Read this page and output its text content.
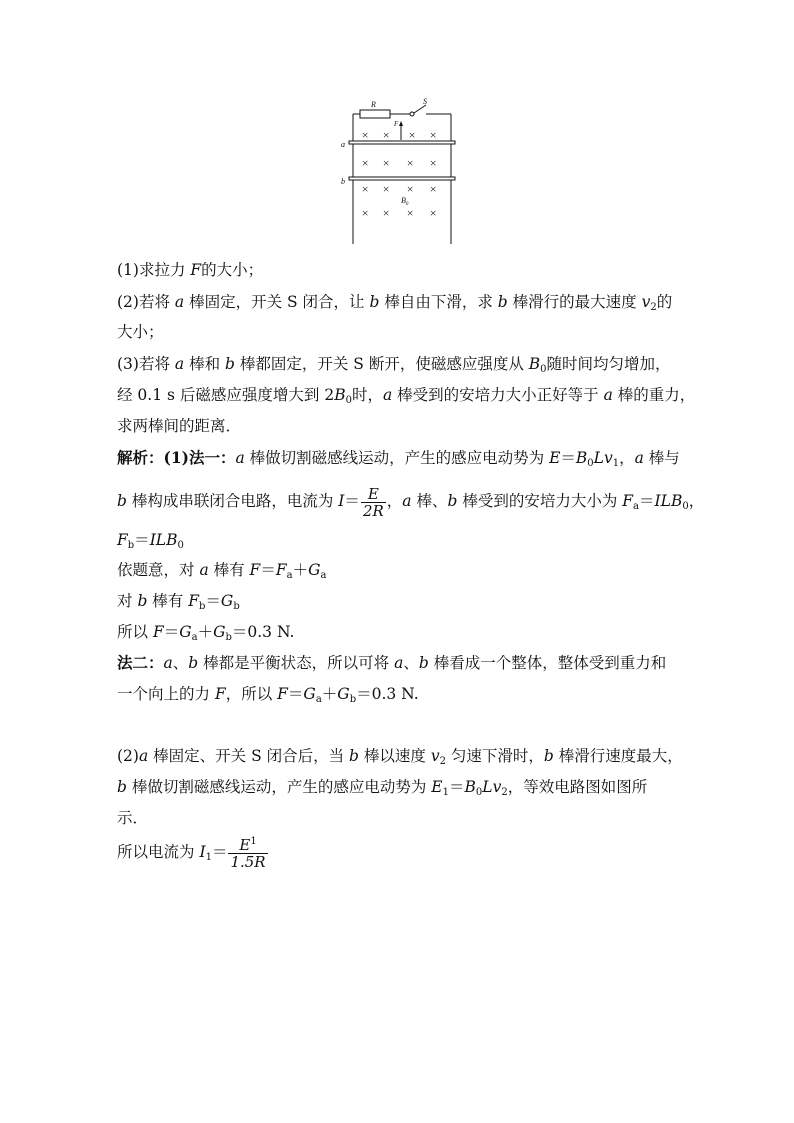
R	S
F
a
b
$B_0$
× × × ×
× × × ×
× × × ×
× × × ×
(1)求拉力 F的大小；
(2)若将 a 棒固定，开关 S 闭合，让 b 棒自由下滑，求 b 棒滑行的最大速度 $v_2$的
大小；
(3)若将 a 棒和 b 棒都固定，开关 S 断开，使磁感应强度从 $B_0$随时间均匀增加，
经 0.1 s 后磁感应强度增大到 $2B_0$时，a 棒受到的安培力大小正好等于 a 棒的重力，
求两棒间的距离．
解析：(1)法一：a 棒做切割磁感线运动，产生的感应电动势为 $E=B_0Lv_1$，a 棒与
b 棒构成串联闭合电路，电流为 $I= \frac{E}{2R}$ ，a 棒、b 棒受到的安培力大小为 $F_a=ILB_0$，
$F_b=ILB_0$
依题意，对 a 棒有 $F=F_a+G_a$
对 b 棒有 $F_b=G_b$
所以 $F=G_a+G_b=0.3$ N.
法二：a、b 棒都是平衡状态，所以可将 a、b 棒看成一个整体，整体受到重力和
一个向上的力 F，所以 $F=G_a+G_b=0.3$ N.
(2)a 棒固定、开关 S 闭合后，当 b 棒以速度 $v_2$ 匀速下滑时，b 棒滑行速度最大，
b 棒做切割磁感线运动，产生的感应电动势为 $E_1=B_0Lv_2$，等效电路图如图所
示．
所以电流为 $I_1= \frac{E^1}{1.5R}$
